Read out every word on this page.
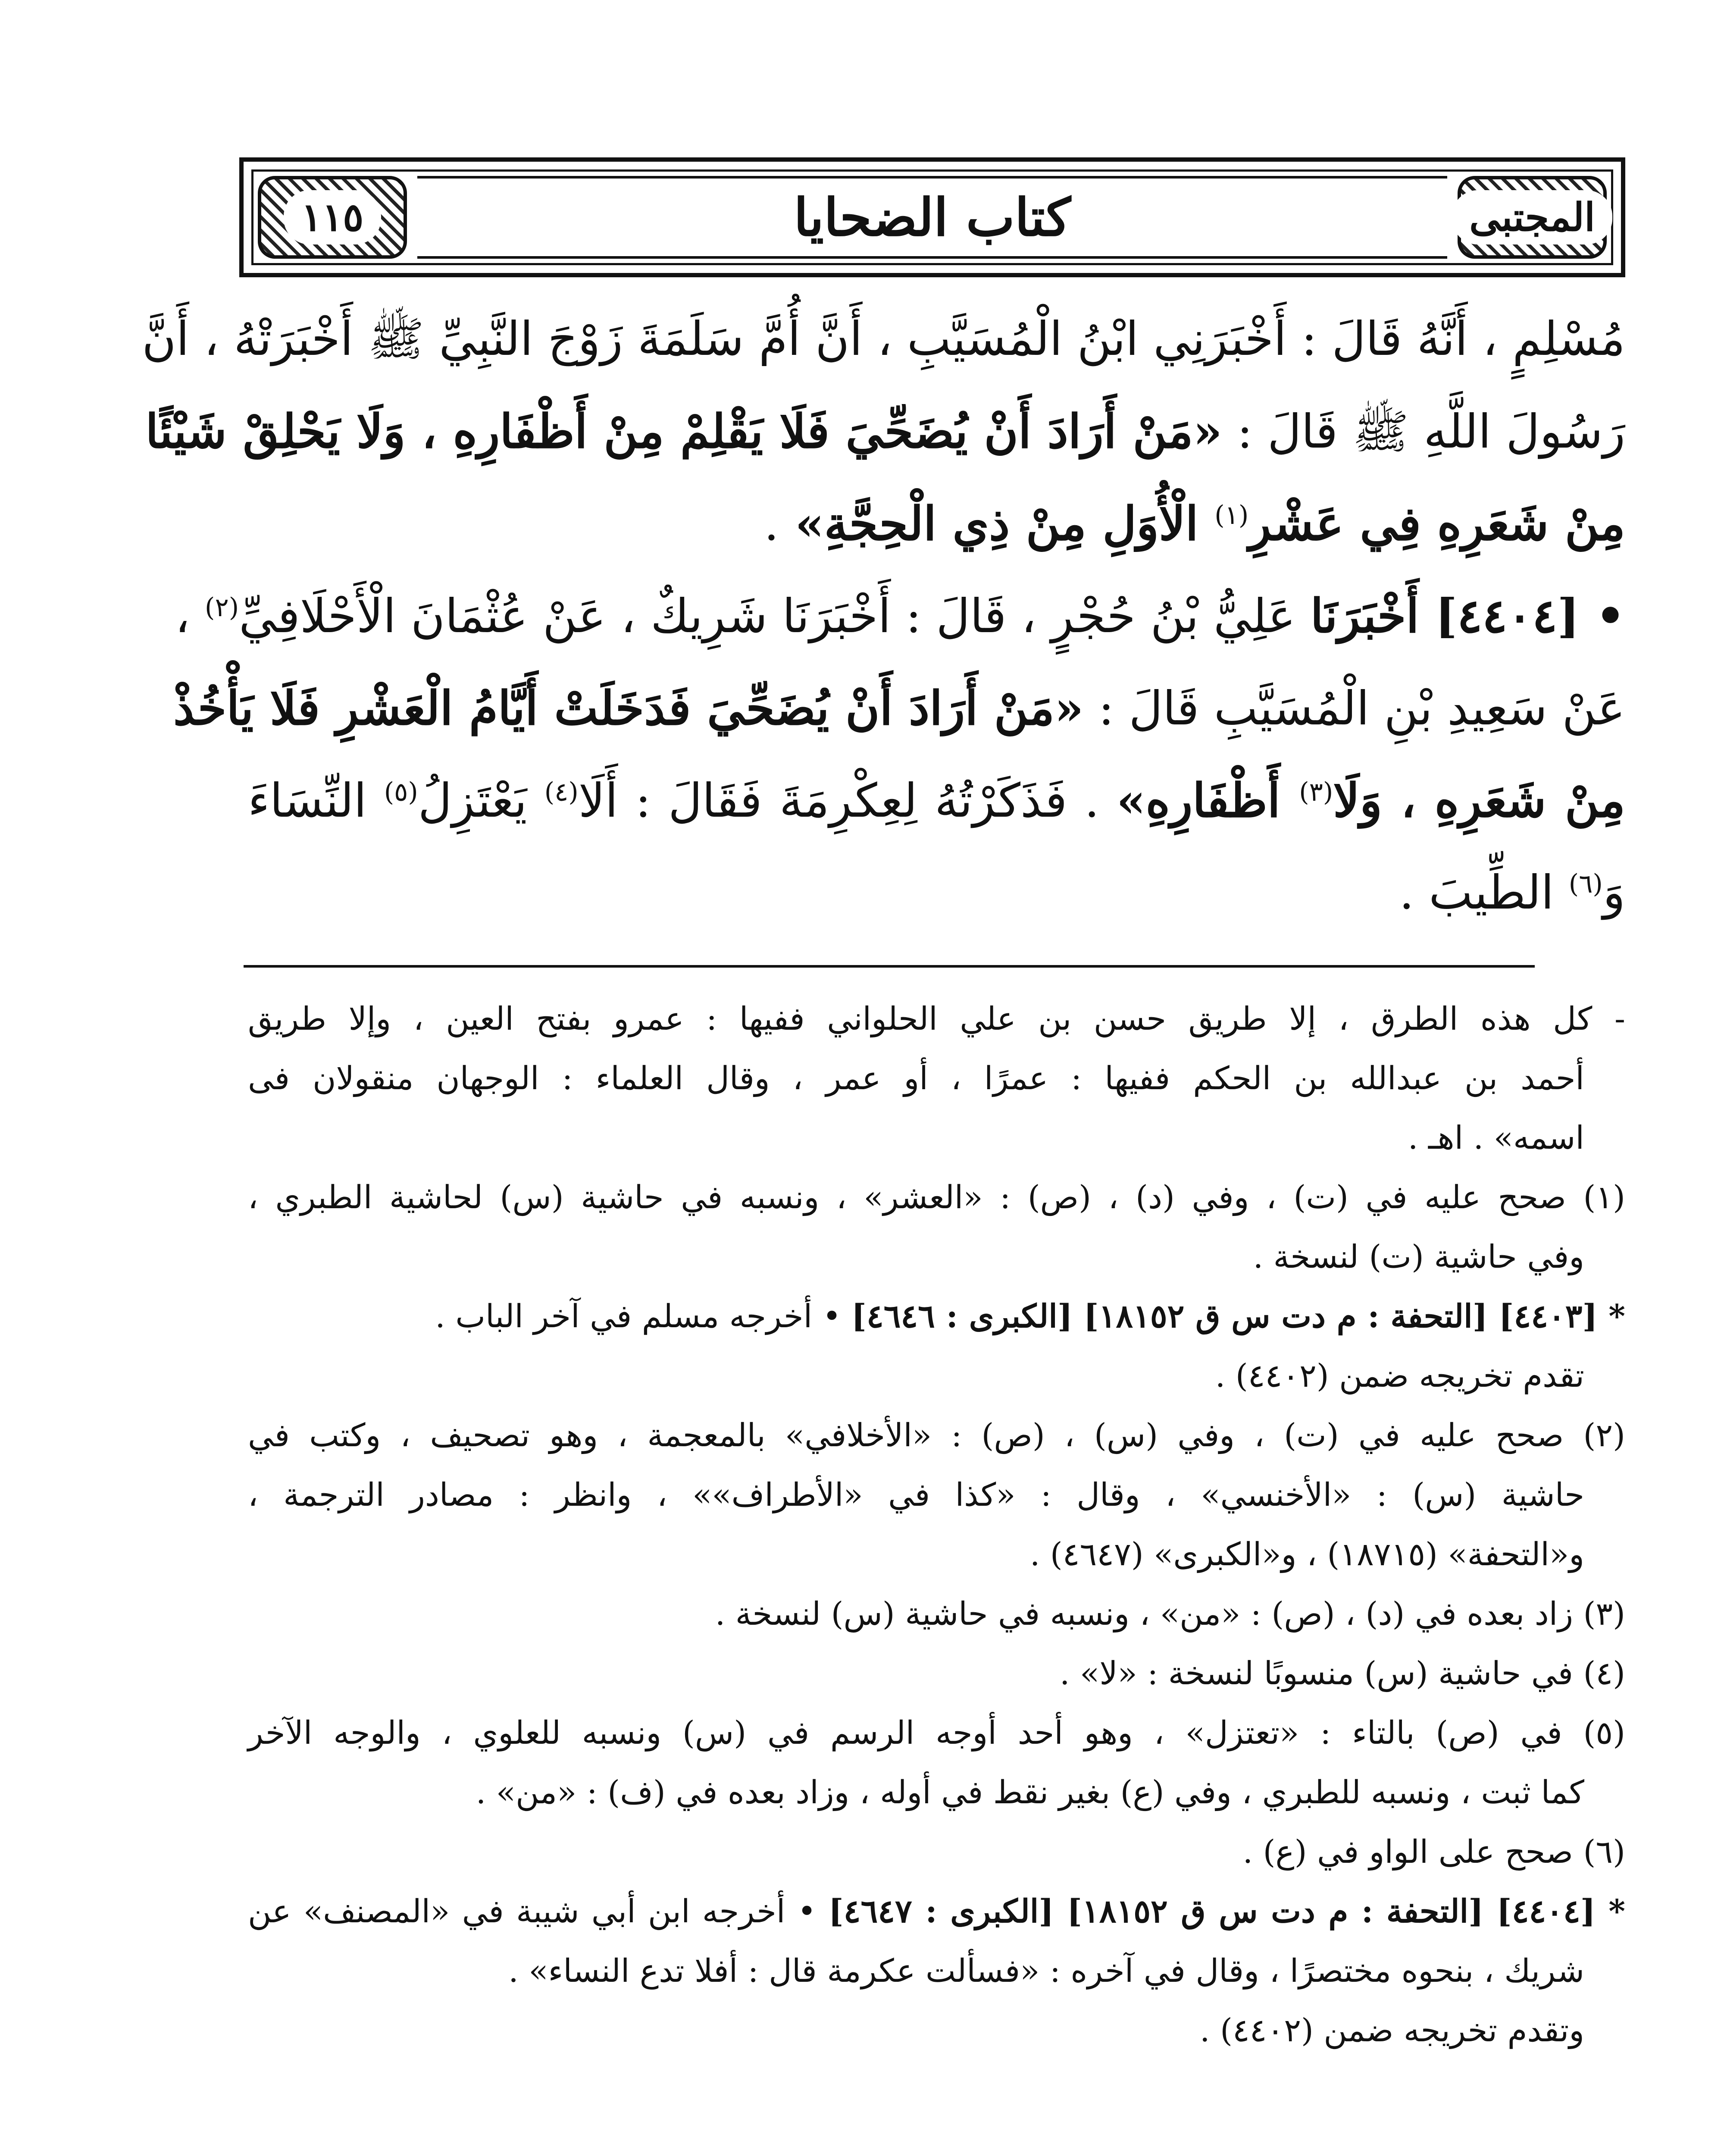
١١٥	كتاب الضحايا	المجتبى
مُسْلِمٍ ، أَنَّهُ قَالَ : أَخْبَرَنِي ابْنُ الْمُسَيَّبِ ، أَنَّ أُمَّ سَلَمَةَ زَوْجَ النَّبِيِّ ﷺ أَخْبَرَتْهُ ، أَنَّ
رَسُولَ اللَّهِ ﷺ قَالَ : «مَنْ أَرَادَ أَنْ يُضَحِّيَ فَلَا يَقْلِمْ مِنْ أَظْفَارِهِ ، وَلَا يَحْلِقْ شَيْئًا
مِنْ شَعَرِهِ فِي عَشْرِ$^{(١)}$ الْأُوَلِ مِنْ ذِي الْحِجَّةِ» .
• [٤٤٠٤] أَخْبَرَنَا عَلِيُّ بْنُ حُجْرٍ ، قَالَ : أَخْبَرَنَا شَرِيكٌ ، عَنْ عُثْمَانَ الْأَحْلَافِيِّ$^{(٢)}$ ،
عَنْ سَعِيدِ بْنِ الْمُسَيَّبِ قَالَ : «مَنْ أَرَادَ أَنْ يُضَحِّيَ فَدَخَلَتْ أَيَّامُ الْعَشْرِ فَلَا يَأْخُذْ
مِنْ شَعَرِهِ ، وَلَا$^{(٣)}$ أَظْفَارِهِ» . فَذَكَرْتُهُ لِعِكْرِمَةَ فَقَالَ : أَلَا$^{(٤)}$ يَعْتَزِلُ$^{(٥)}$ النِّسَاءَ
وَ$^{(٦)}$ الطِّيبَ .
- كل هذه الطرق ، إلا طريق حسن بن علي الحلواني ففيها : عمرو بفتح العين ، وإلا طريق
أحمد بن عبدالله بن الحكم ففيها : عمرًا ، أو عمر ، وقال العلماء : الوجهان منقولان فى
اسمه» . اهـ .
(١) صحح عليه في (ت) ، وفي (د) ، (ص) : «العشر» ، ونسبه في حاشية (س) لحاشية الطبري ،
وفي حاشية (ت) لنسخة .
* [٤٤٠٣] [التحفة : م دت س ق ١٨١٥٢] [الكبرى : ٤٦٤٦] • أخرجه مسلم في آخر الباب .
تقدم تخريجه ضمن (٤٤٠٢) .
(٢) صحح عليه في (ت) ، وفي (س) ، (ص) : «الأخلافي» بالمعجمة ، وهو تصحيف ، وكتب في
حاشية (س) : «الأخنسي» ، وقال : «كذا في «الأطراف»» ، وانظر : مصادر الترجمة ،
و«التحفة» (١٨٧١٥) ، و«الكبرى» (٤٦٤٧) .
(٣) زاد بعده في (د) ، (ص) : «من» ، ونسبه في حاشية (س) لنسخة .
(٤) في حاشية (س) منسوبًا لنسخة : «لا» .
(٥) في (ص) بالتاء : «تعتزل» ، وهو أحد أوجه الرسم في (س) ونسبه للعلوي ، والوجه الآخر
كما ثبت ، ونسبه للطبري ، وفي (ع) بغير نقط في أوله ، وزاد بعده في (ف) : «من» .
(٦) صحح على الواو في (ع) .
* [٤٤٠٤] [التحفة : م دت س ق ١٨١٥٢] [الكبرى : ٤٦٤٧] • أخرجه ابن أبي شيبة في «المصنف» عن
شريك ، بنحوه مختصرًا ، وقال في آخره : «فسألت عكرمة قال : أفلا تدع النساء» .
وتقدم تخريجه ضمن (٤٤٠٢) .
